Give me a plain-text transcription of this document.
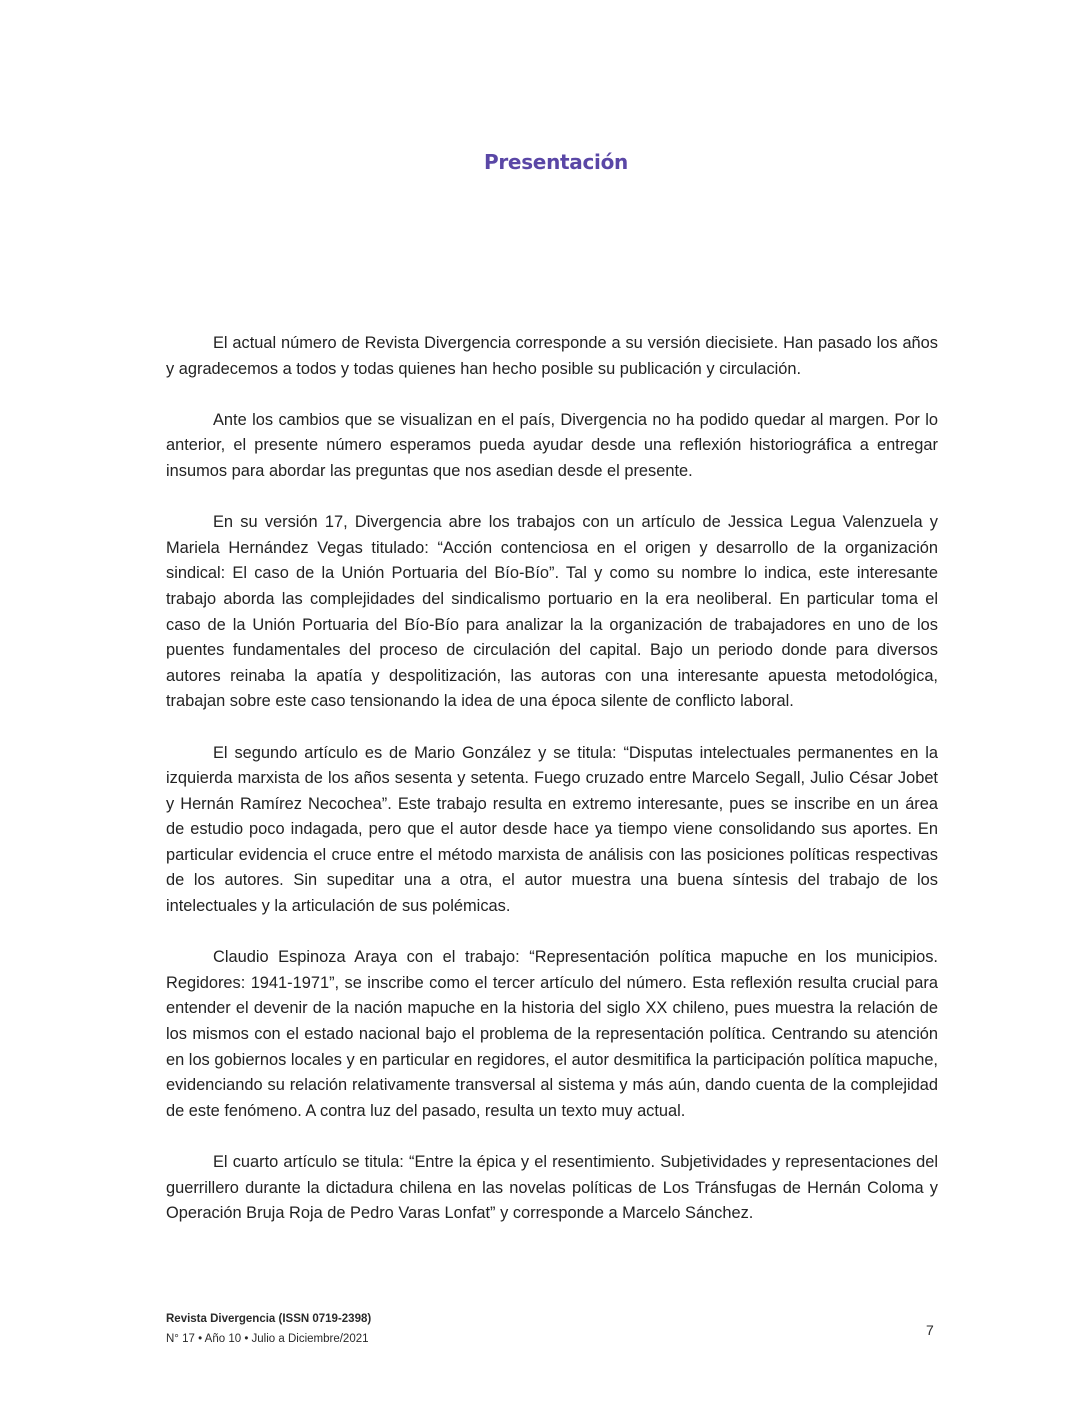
Presentación

El actual número de Revista Divergencia corresponde a su versión diecisiete. Han pasado los años y agradecemos a todos y todas quienes han hecho posible su publicación y circulación.

Ante los cambios que se visualizan en el país, Divergencia no ha podido quedar al margen. Por lo anterior, el presente número esperamos pueda ayudar desde una reflexión historiográfica a entregar insumos para abordar las preguntas que nos asedian desde el presente.

En su versión 17, Divergencia abre los trabajos con un artículo de Jessica Legua Valenzuela y Mariela Hernández Vegas titulado: “Acción contenciosa en el origen y desarrollo de la organización sindical: El caso de la Unión Portuaria del Bío-Bío”. Tal y como su nombre lo indica, este interesante trabajo aborda las complejidades del sindicalismo portuario en la era neoliberal. En particular toma el caso de la Unión Portuaria del Bío-Bío para analizar la la organización de trabajadores en uno de los puentes fundamentales del proceso de circulación del capital. Bajo un periodo donde para diversos autores reinaba la apatía y despolitización, las autoras con una interesante apuesta metodológica, trabajan sobre este caso tensionando la idea de una época silente de conflicto laboral.

El segundo artículo es de Mario González y se titula: “Disputas intelectuales permanentes en la izquierda marxista de los años sesenta y setenta. Fuego cruzado entre Marcelo Segall, Julio César Jobet y Hernán Ramírez Necochea”. Este trabajo resulta en extremo interesante, pues se inscribe en un área de estudio poco indagada, pero que el autor desde hace ya tiempo viene consolidando sus aportes. En particular evidencia el cruce entre el método marxista de análisis con las posiciones políticas respectivas de los autores. Sin supeditar una a otra, el autor muestra una buena síntesis del trabajo de los intelectuales y la articulación de sus polémicas.

Claudio Espinoza Araya con el trabajo: “Representación política mapuche en los municipios. Regidores: 1941-1971”, se inscribe como el tercer artículo del número. Esta reflexión resulta crucial para entender el devenir de la nación mapuche en la historia del siglo XX chileno, pues muestra la relación de los mismos con el estado nacional bajo el problema de la representación política. Centrando su atención en los gobiernos locales y en particular en regidores, el autor desmitifica la participación política mapuche, evidenciando su relación relativamente transversal al sistema y más aún, dando cuenta de la complejidad de este fenómeno. A contra luz del pasado, resulta un texto muy actual.

El cuarto artículo se titula: “Entre la épica y el resentimiento. Subjetividades y representaciones del guerrillero durante la dictadura chilena en las novelas políticas de Los Tránsfugas de Hernán Coloma y Operación Bruja Roja de Pedro Varas Lonfat” y corresponde a Marcelo Sánchez.

Revista Divergencia (ISSN 0719-2398)
N° 17 • Año 10 • Julio a Diciembre/2021
7
